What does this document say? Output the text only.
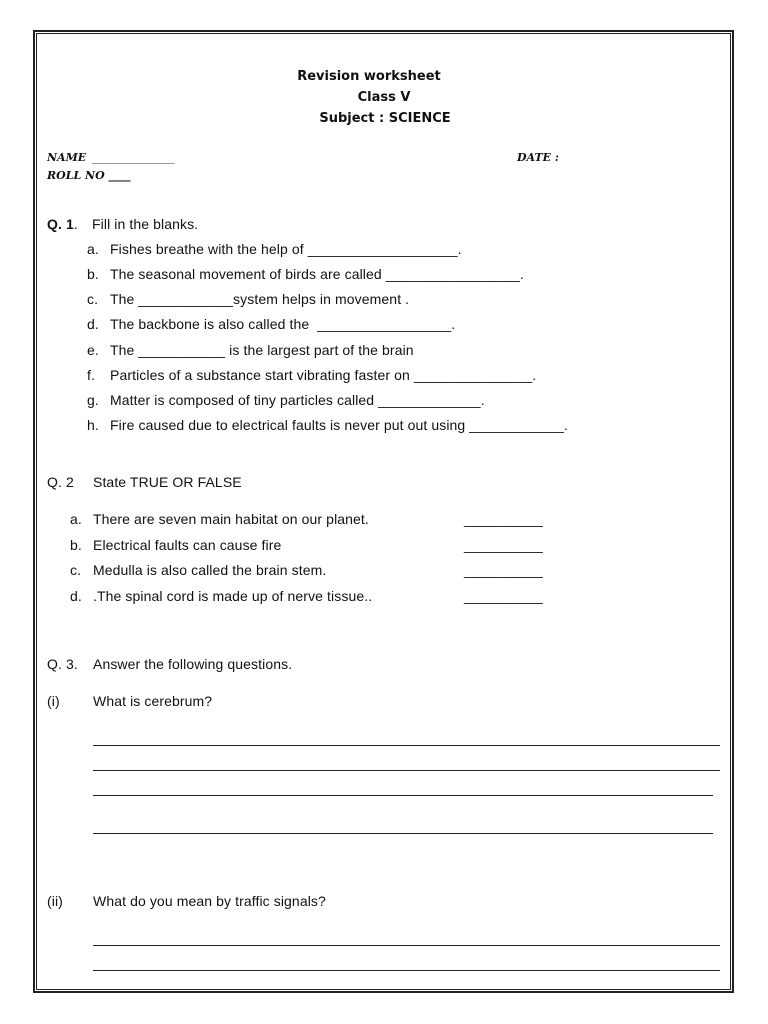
Revision worksheet
Class V
Subject : SCIENCE
NAME _______________	DATE :
ROLL NO ____
Q. 1. Fill in the blanks.
a. Fishes breathe with the help of ___________________.
b. The seasonal movement of birds are called _________________.
c. The ____________system helps in movement .
d. The backbone is also called the  _________________.
e. The ___________ is the largest part of the brain
f. Particles of a substance start vibrating faster on _______________.
g. Matter is composed of tiny particles called _____________.
h. Fire caused due to electrical faults is never put out using ____________.
Q. 2 State TRUE OR FALSE
a. There are seven main habitat on our planet.	__________
b. Electrical faults can cause fire	__________
c. Medulla is also called the brain stem.	__________
d. .The spinal cord is made up of nerve tissue..	__________
Q. 3. Answer the following questions.
(i) What is cerebrum?
(ii) What do you mean by traffic signals?
